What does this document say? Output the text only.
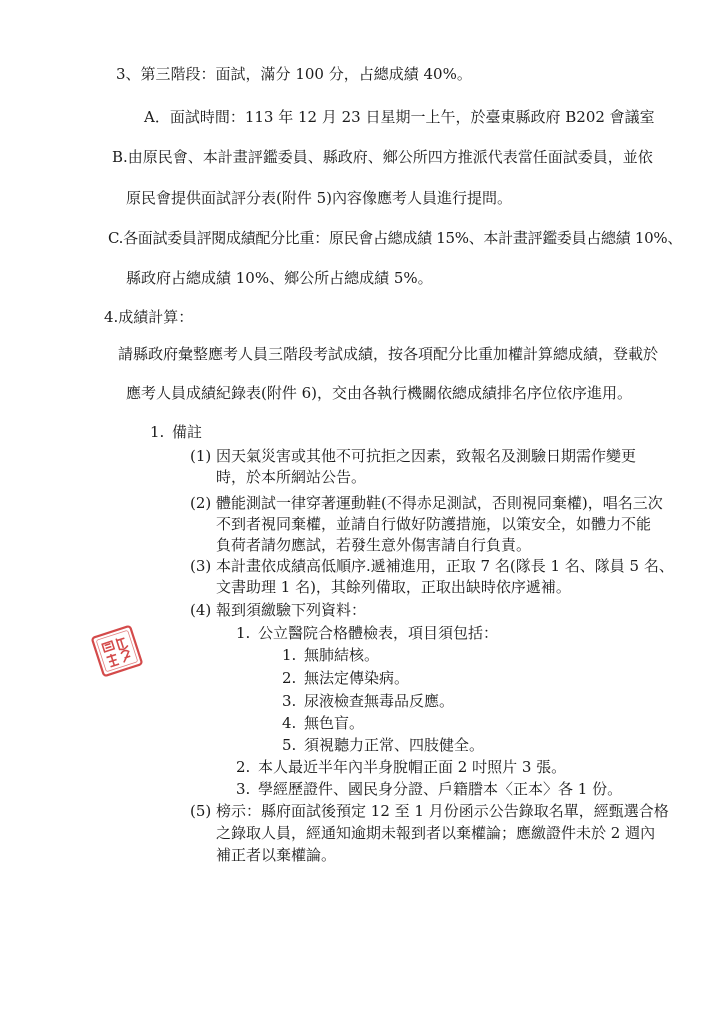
3、第三階段：面試，滿分 100 分，占總成績 40%。
A．面試時間：113 年 12 月 23 日星期一上午，於臺東縣政府 B202 會議室
B.由原民會、本計畫評鑑委員、縣政府、鄉公所四方推派代表當任面試委員，並依
原民會提供面試評分表(附件 5)內容像應考人員進行提問。
C.各面試委員評閱成績配分比重：原民會占總成績 15%、本計畫評鑑委員占總績 10%、
縣政府占總成績 10%、鄉公所占總成績 5%。
4.成績計算：
請縣政府彙整應考人員三階段考試成績，按各項配分比重加權計算總成績，登載於
應考人員成績紀錄表(附件 6)，交由各執行機關依總成績排名序位依序進用。
1. 備註
(1) 因天氣災害或其他不可抗拒之因素，致報名及測驗日期需作變更
時，於本所網站公告。
(2) 體能測試一律穿著運動鞋(不得赤足測試，否則視同棄權)，唱名三次
不到者視同棄權，並請自行做好防護措施，以策安全，如體力不能
負荷者請勿應試，若發生意外傷害請自行負責。
(3) 本計畫依成績高低順序.遞補進用，正取 7 名(隊長 1 名、隊員 5 名、
文書助理 1 名)，其餘列備取，正取出缺時依序遞補。
(4) 報到須繳驗下列資料：
1. 公立醫院合格體檢表，項目須包括：
1. 無肺結核。
2. 無法定傳染病。
3. 尿液檢查無毒品反應。
4. 無色盲。
5. 須視聽力正常、四肢健全。
2. 本人最近半年內半身脫帽正面 2 吋照片 3 張。
3. 學經歷證件、國民身分證、戶籍謄本〈正本〉各 1 份。
(5) 榜示：縣府面試後預定 12 至 1 月份函示公告錄取名單，經甄選合格
之錄取人員，經通知逾期未報到者以棄權論；應繳證件未於 2 週內
補正者以棄權論。
